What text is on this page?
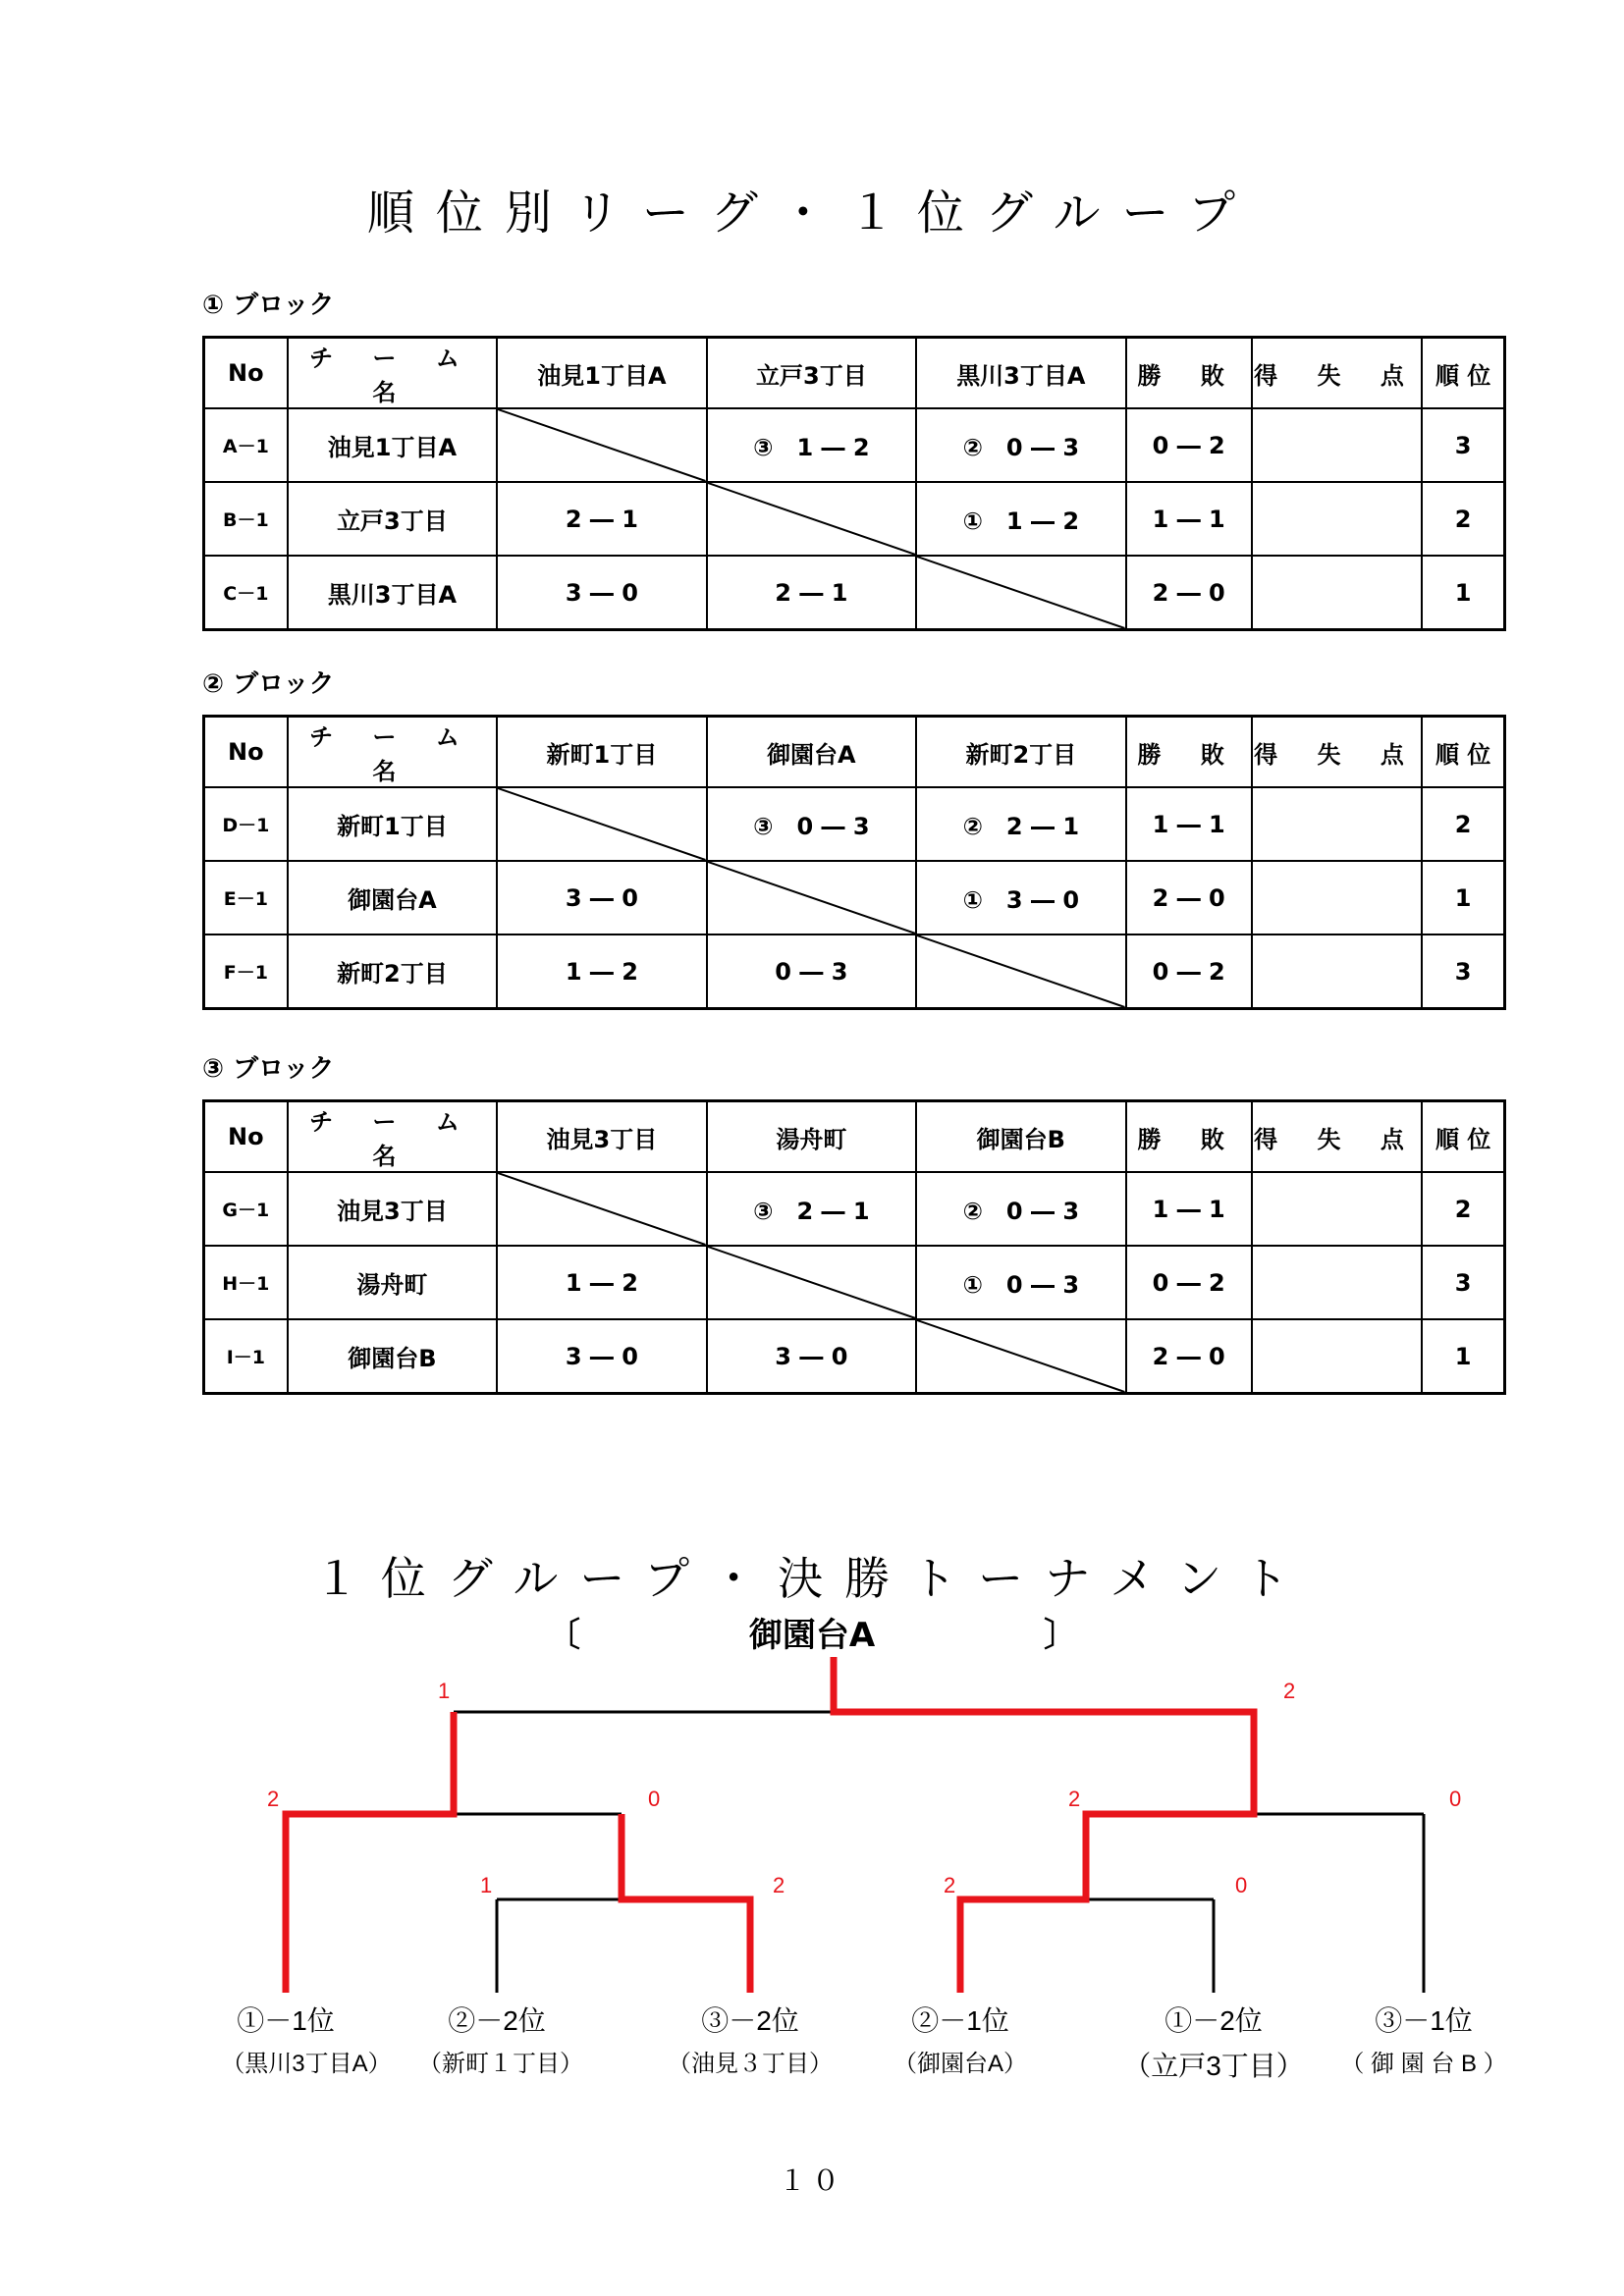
順位別リーグ・１位グループ
① ブロック
No	チ ー ム 名	油見1丁目A	立戸3丁目	黒川3丁目A	勝 敗	得 失 点	順 位
A－1	油見1丁目A		③　1 ― 2	②　0 ― 3	0 ― 2		3
B－1	立戸3丁目	2 ― 1		①　1 ― 2	1 ― 1		2
C－1	黒川3丁目A	3 ― 0	2 ― 1		2 ― 0		1
② ブロック
No	チ ー ム 名	新町1丁目	御園台A	新町2丁目	勝 敗	得 失 点	順 位
D－1	新町1丁目		③　0 ― 3	②　2 ― 1	1 ― 1		2
E－1	御園台A	3 ― 0		①　3 ― 0	2 ― 0		1
F－1	新町2丁目	1 ― 2	0 ― 3		0 ― 2		3
③ ブロック
No	チ ー ム 名	油見3丁目	湯舟町	御園台B	勝 敗	得 失 点	順 位
G－1	油見3丁目		③　2 ― 1	②　0 ― 3	1 ― 1		2
H－1	湯舟町	1 ― 2		①　0 ― 3	0 ― 2		3
I－1	御園台B	3 ― 0	3 ― 0		2 ― 0		1
１位グループ・決勝トーナメント
〔	御園台A	〕
1	2
2	0
1	2
2	0
2	0
①－1位
（黒川3丁目A）
②－2位
（新町１丁目）
③－2位
（油見３丁目）
②－1位
（御園台A）
①－2位
（立戸3丁目）
③－1位
（ 御 園 台 B ）
１０
